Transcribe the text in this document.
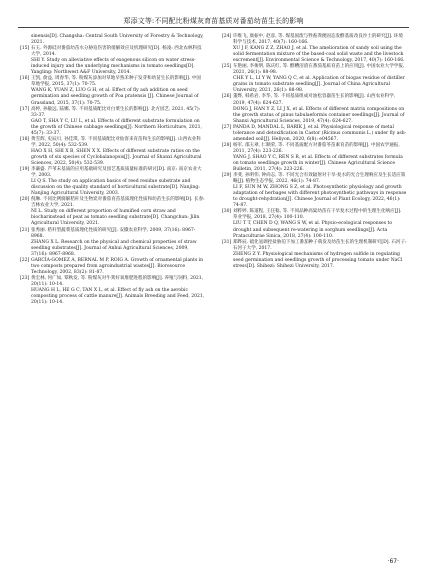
郑添文等:不同配比粉煤灰育苗基质对番茄幼苗生长的影响

sinensis[D]. Changsha: Central South University of Forestry & Technology, 2021.

[15] 石玉. 外源硅对番茄幼苗水分胁迫伤害的缓解效应及机理研究[D]. 杨凌: 西北农林科技大学, 2014.

SHI Y. Study on alleviative effects of exogenous silicon on water stress-induced injury and the underlying mechanisms in tomato seedlings[D]. Yangling: Northwest A&F University, 2014.

[16] 王凯, 俞益, 周春华, 等. 粉煤灰添加对草地早熟禾种子发芽和幼苗生长的影响[J]. 中国草地学报, 2015, 37(1): 70-75.

WANG K, YUAN Z, LUO G H, et al. Effect of fly ash addition on seed germination and seedling growth of Poa pratensis [J]. Chinese Journal of Grassland, 2015, 37(1): 70-75.

[17] 高婷, 孙敏远, 陆娜, 等. 不同基质配比对白菜生长的影响[J]. 北方园艺, 2021, 45(7): 33-37.

GAO T, SHA Y C, LU L, et al. Effects of different substrate formulation on the growth of Chinese cabbage seedlings[J]. Northern Horticulture, 2021, 45(7): 33-37.

[18] 黄雪辉, 史辰川, 孙佳琪, 等. 不同基质配比对仙客来育苗和生长的影响[J]. 山西农业科学, 2022, 50(4): 532-539.

HAO X H, SHI X B, SHEN X X. Effects of different substrate ratios on the growth of six species of Cyclobalanopsis[J]. Journal of Shanxi Agricultural Sciences, 2022, 50(4): 532-539.

[19] 李谦盛. 芦苇末基质的应用基础研究及园艺基质质量标准的研讨[D]. 南京: 南京农业大学, 2003.

LI Q S. The study on application basics of reed residue substrate and discussion on the quality standard of horticultural substrate[D]. Nanjing: Nanjing Agricultural University, 2003.

[20] 倪琳. 不同比例腐解秸秆及生物炭对番茄育苗基质理化性质和幼苗生长的影响[D]. 长春: 吉林农业大学, 2021.

NI L. Study on different proportion of humified corn straw and biocharinstead of peat as tomato seedling substrate[D]. Changchun: Jilin Agricultural University, 2021.

[21] 张秀丽. 秸秆型蔬菜基质理化性质的研究[J]. 安徽农业科学, 2009, 37(16): 8967-8968.

ZHANG X L. Research on the physical and chemical properties of straw seedling substrates[J]. Journal of Anhui Agricultural Sciences, 2009, 37(16): 8967-8968.

[22] GARCÍA-GOMEZ A, BERNAL M P, ROIG A. Growth of ornamental plants in two composts prepared from agroindustrial wastes[J]. Bioresource Technology, 2002, 83(2): 81-87.

[23] 黄宏林, 何广如, 覃秋发, 等. 粉煤灰对牛粪好氧堆肥进程的影响[J]. 养殖与饲料, 2021, 20(11): 10-14.

HUANG H L, HE G C, TAN X L, et al. Effect of fly ash on the aerobic composting process of cattle manure[J]. Animals Breeding and Feed, 2021, 20(11): 10-14.

[24] 许维飞, 康振中, 赵彦, 等. 煤基固废与牲畜粪便固态发酵基质改良沙土的研究[J]. 环境科学与技术, 2017, 40(7): 160-166.

XU J F, KANG Z Z, ZHAO J, et al. The amelioration of sandy soil using the solid fermentation mixture of the based-coal solid waste and the livestock excrement[J]. Environmental Science & Technology, 2017, 40(7): 160-166.

[25] 车艳丽, 李俊明, 陈庆红, 等. 酵糟沼渣在番茄基质育苗上的应用[J]. 中国农业大学学报, 2021, 26(1): 88-98.

CHE Y L, LI Y W, YANG Q C, et al. Application of biogas residue of distiller grains in tomato substrate seedling[J]. Journal of China Agricultural University, 2021, 26(1): 88-98.

[26] 董烨, 韩希岩, 李华, 等. 不同基质组成对油松容器苗生长的影响[J]. 山西农业科学, 2019, 47(4): 624-627.

DONG J, HAN Y Z, LI J X, et al. Effects of different matrix compositions on the growth status of pinus tabulaeformis container seedlings[J]. Journal of Shanxi Agricultural Sciences, 2019, 47(4): 624-627.

[27] PANDA D, MANDAL L, BARIK J, et al. Physiological response of metal tolerance and detoxification in Castor (Ricinus communis L.) under fly ash-amended soil[J]. Heliyon, 2020, 6(8): e04567.

[28] 杨军, 邵玉翠, 仁顺荣, 等. 不同基质配方对番茄苓苗素育苗的影响[J]. 中国农学通报, 2011, 27(4): 223-226.

YANG J, SHAO Y C, REN S R, et al. Effects of different substrates formula on tomato seedlings growth in winter[J]. Chinese Agricultural Science Bulletin, 2011, 27(4): 223-226.

[29] 李斐, 孙明伟, 钟尚志, 等. 不同光合有效辐射对干旱-复水的光合生理响应及生长适应策略[J]. 植物生态学报, 2022, 46(1): 74-87.

LI F, SUN M W, ZHONG S Z, et al. Photosynthetic physiology and growth adaptation of herbages with different photosynthetic pathways in response to drought-rehydration[J]. Chinese Journal of Plant Ecology, 2022, 46(1): 74-87.

[30] 刘粹婷, 陈道程, 王任稔, 等. 不同品种高粱幼苗在干旱复水过程中的生理生化响应[J]. 草业学报, 2018, 27(4): 100-110.

LIU T T, CHEN D Q, WANG S W, et al. Physio-ecological responses to drought and subsequent re-watering in sorghum seedlings[J]. Acta Prataculturae Sinica, 2018, 27(4): 100-110.

[31] 郑晔辰. 硫化氢调控盐胁迫下加工番茄种子萌发及幼苗生长的生理机制研究[D]. 石河子: 石河子大学, 2017.

ZHENG Z Y. Physiological mechanisms of hydrogen sulfide in regulating seed germination and seedlings growth of processing tomato under NaCl stress[D]. Shihezi: Shihezi University, 2017.

·67·
